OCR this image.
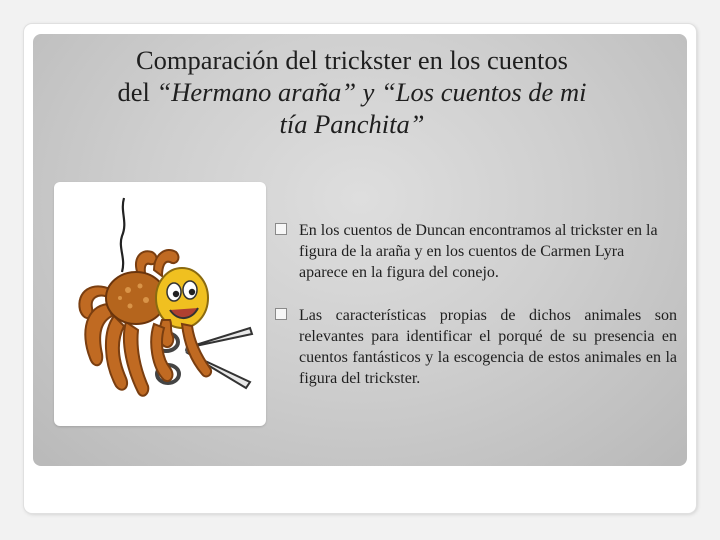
Comparación del trickster en los cuentos
del “Hermano araña” y “Los cuentos de mi
tía Panchita”
En los cuentos de Duncan encontramos al trickster en la figura de la araña y en los cuentos de Carmen Lyra aparece en la figura del conejo.
Las características propias de dichos animales son relevantes para identificar el porqué de su presencia en cuentos fantásticos y la escogencia de estos animales en la figura del trickster.
